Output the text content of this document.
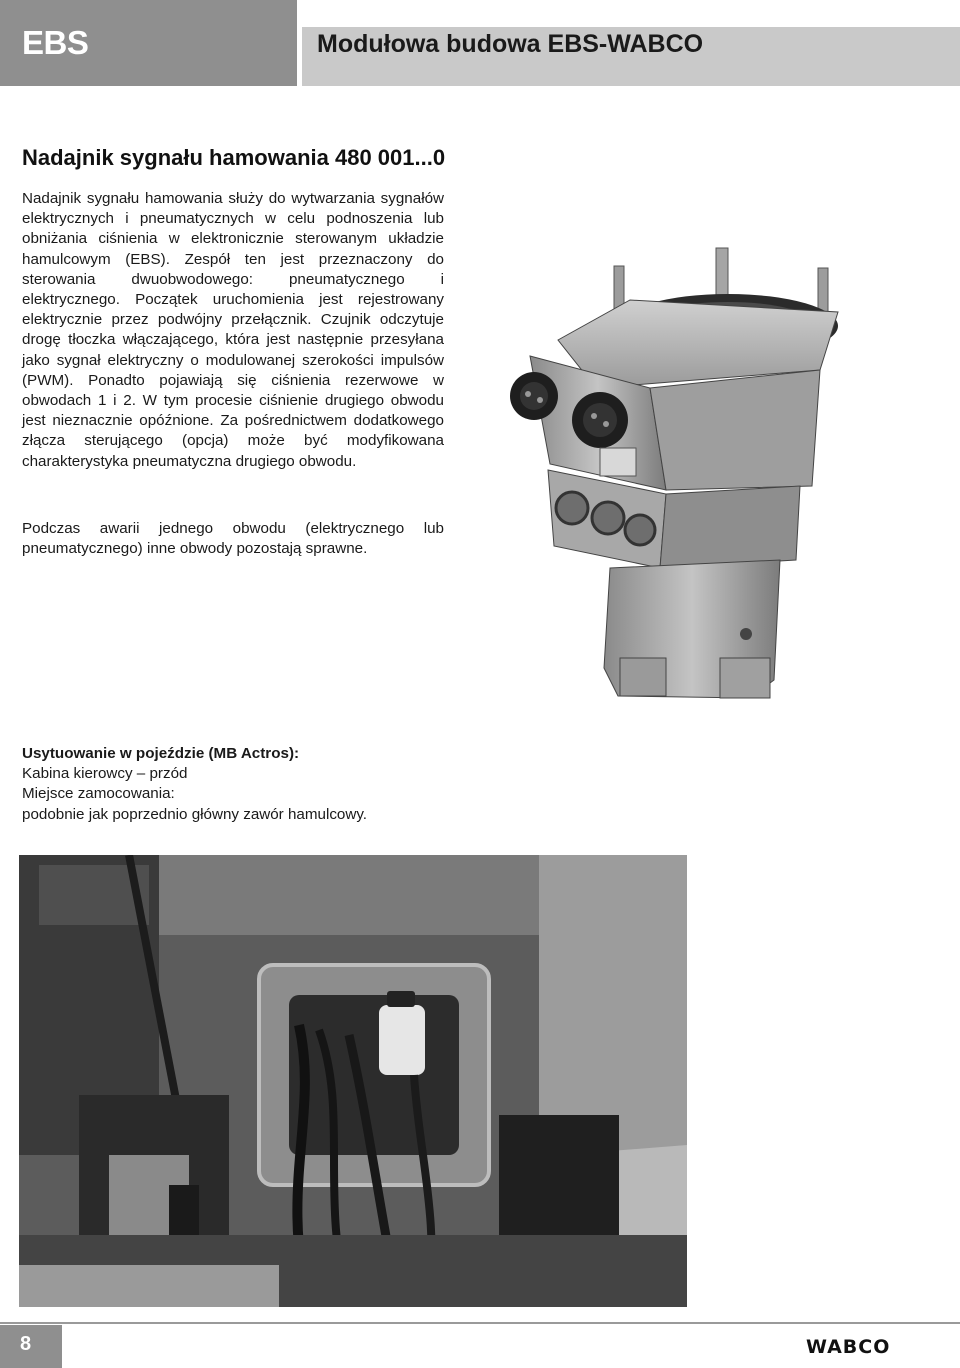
EBS	Modułowa budowa EBS-WABCO
Nadajnik sygnału hamowania 480 001...0
Nadajnik sygnału hamowania służy do wytwarzania sygnałów elektrycznych i pneumatycznych w celu podnoszenia lub obniżania ciśnienia w elektronicznie sterowanym układzie hamulcowym (EBS). Zespół ten jest przeznaczony do sterowania dwuobwodowego: pneumatycznego i elektrycznego. Początek uruchomienia jest rejestrowany elektrycznie przez podwójny przełącznik. Czujnik odczytuje drogę tłoczka włączającego, która jest następnie przesyłana jako sygnał elektryczny o modulowanej szerokości impulsów (PWM). Ponadto pojawiają się ciśnienia rezerwowe w obwodach 1 i 2. W tym procesie ciśnienie drugiego obwodu jest nieznacznie opóźnione. Za pośrednictwem dodatkowego złącza sterującego (opcja) może być modyfikowana charakterystyka pneumatyczna drugiego obwodu.
Podczas awarii jednego obwodu (elektrycznego lub pneumatycznego) inne obwody pozostają sprawne.
Usytuowanie w pojeździe (MB Actros):
Kabina kierowcy – przód
Miejsce zamocowania:
podobnie jak poprzednio główny zawór hamulcowy.
8	WABCO
